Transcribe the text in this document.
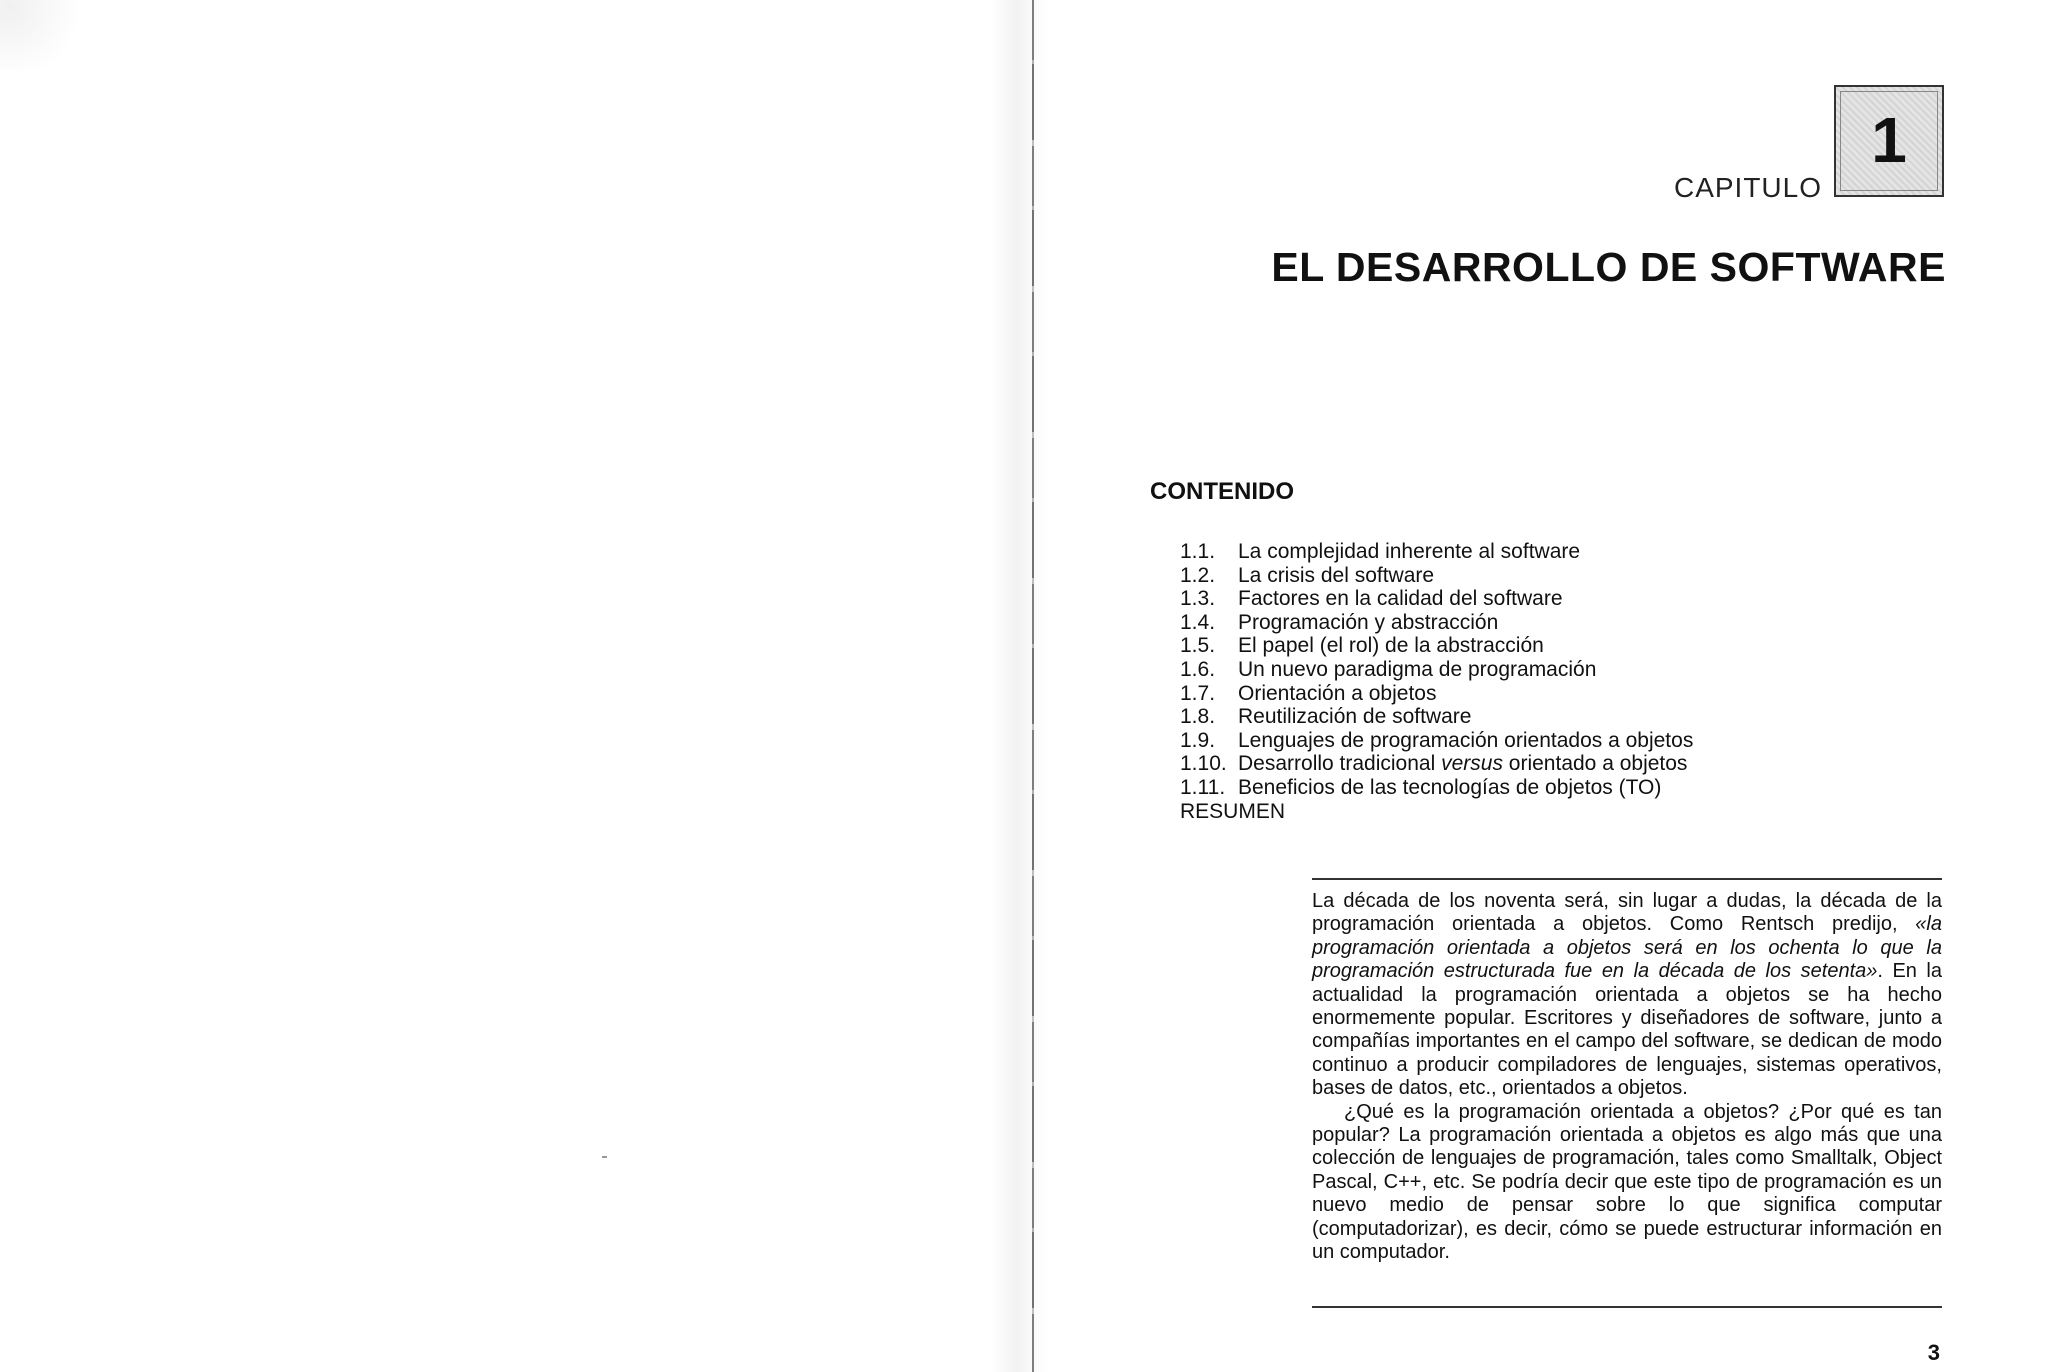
1
CAPITULO
EL DESARROLLO DE SOFTWARE
CONTENIDO
1.1.	La complejidad inherente al software
1.2.	La crisis del software
1.3.	Factores en la calidad del software
1.4.	Programación y abstracción
1.5.	El papel (el rol) de la abstracción
1.6.	Un nuevo paradigma de programación
1.7.	Orientación a objetos
1.8.	Reutilización de software
1.9.	Lenguajes de programación orientados a objetos
1.10. Desarrollo tradicional versus orientado a objetos
1.11. Beneficios de las tecnologías de objetos (TO)
RESUMEN

La década de los noventa será, sin lugar a dudas, la década de la programación orientada a objetos. Como Rentsch predijo, «la programación orientada a objetos será en los ochenta lo que la programación estructurada fue en la década de los setenta». En la actualidad la programación orientada a objetos se ha hecho enormemente popular. Escritores y diseñadores de software, junto a compañías importantes en el campo del software, se dedican de modo continuo a producir compiladores de lenguajes, sistemas operativos, bases de datos, etc., orientados a objetos.

¿Qué es la programación orientada a objetos? ¿Por qué es tan popular? La programación orientada a objetos es algo más que una colección de lenguajes de programación, tales como Smalltalk, Object Pascal, C++, etc. Se podría decir que este tipo de programación es un nuevo medio de pensar sobre lo que significa computar (computadorizar), es decir, cómo se puede estructurar información en un computador.

3
